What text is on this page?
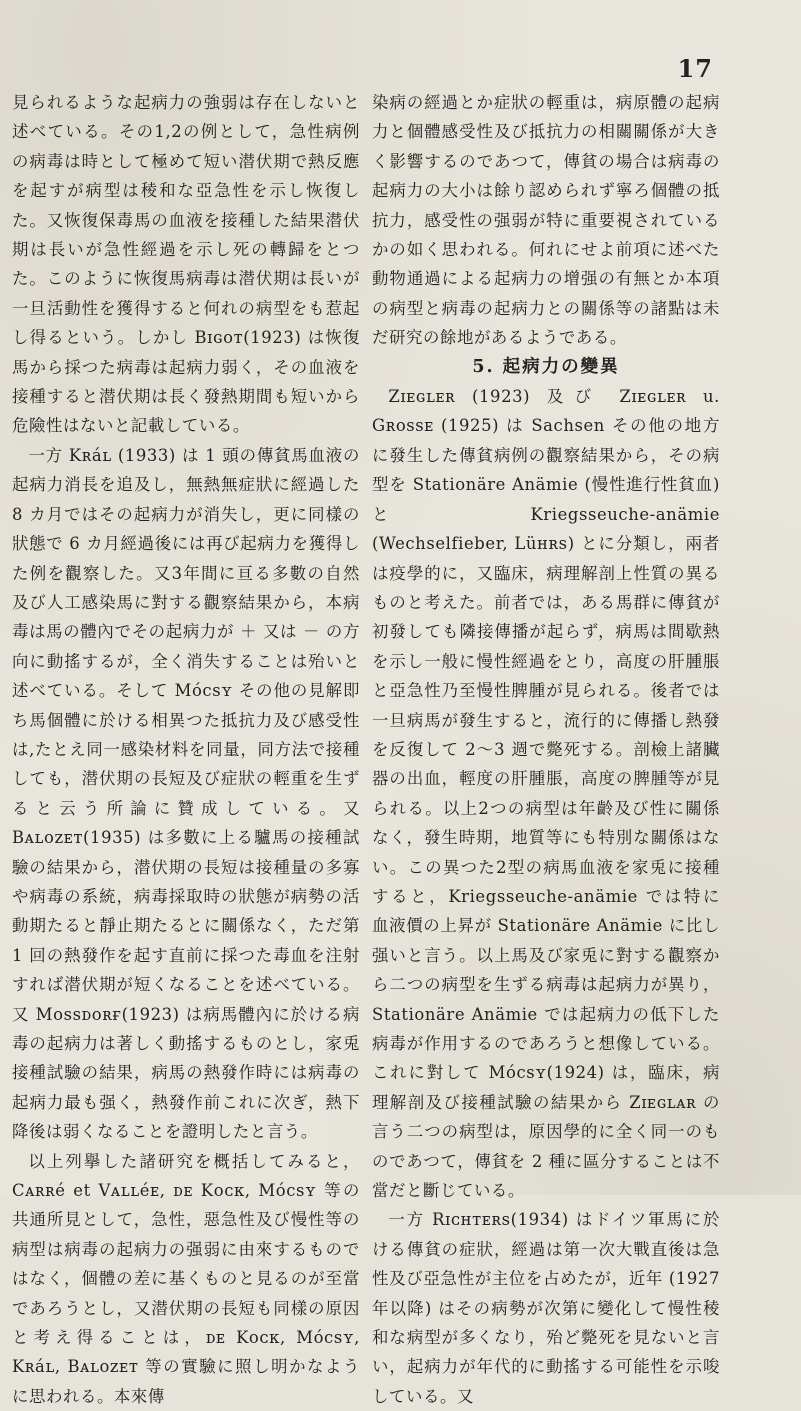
17

見られるような起病力の強弱は存在しないと述べている。その1,2の例として，急性病例の病毒は時として極めて短い潜伏期で熱反應を起すが病型は稜和な亞急性を示し恢復した。又恢復保毒馬の血液を接種した結果潜伏期は長いが急性經過を示し死の轉歸をとつた。このように恢復馬病毒は潜伏期は長いが一旦活動性を獲得すると何れの病型をも惹起し得るという。しかし Bɪɢᴏᴛ(1923) は恢復馬から採つた病毒は起病力弱く，その血液を接種すると潜伏期は長く發熱期間も短いから危險性はないと記載している。

一方 Kʀáʟ (1933) は 1 頭の傳貧馬血液の起病力消長を追及し，無熱無症狀に經過した 8 カ月ではその起病力が消失し，更に同樣の狀態で 6 カ月經過後には再び起病力を獲得した例を觀察した。又3年間に亘る多數の自然及び人工感染馬に對する觀察結果から，本病毒は馬の體內でその起病力が ＋ 又は － の方向に動搖するが，全く消失することは殆いと述べている。そして Mócsʏ その他の見解即ち馬個體に於ける相異つた抵抗力及び感受性は,たとえ同一感染材料を同量，同方法で接種しても，潜伏期の長短及び症狀の輕重を生ずると云う所論に贊成している。又 Bᴀʟᴏᴢᴇᴛ(1935) は多數に上る驢馬の接種試驗の結果から，潜伏期の長短は接種量の多寡や病毒の系統，病毒採取時の狀態が病勢の活動期たると靜止期たるとに關係なく，ただ第 1 回の熱發作を起す直前に採つた毒血を注射すれば潜伏期が短くなることを述べている。又 Mᴏssᴅᴏʀғ(1923) は病馬體內に於ける病毒の起病力は著しく動搖するものとし，家兎接種試驗の結果，病馬の熱發作時には病毒の起病力最も强く，熱發作前これに次ぎ，熱下降後は弱くなることを證明したと言う。

以上列擧した諸研究を概括してみると，Cᴀʀʀé et Vᴀʟʟéᴇ, ᴅᴇ Kᴏᴄᴋ, Mócsʏ 等の共通所見として，急性，惡急性及び慢性等の病型は病毒の起病力の强弱に由來するものではなく，個體の差に基くものと見るのが至當であろうとし，又潜伏期の長短も同樣の原因と考え得ることは，ᴅᴇ Kᴏᴄᴋ, Mócsʏ, Kʀáʟ, Bᴀʟᴏᴢᴇᴛ 等の實驗に照し明かなように思われる。本來傳

染病の經過とか症狀の輕重は，病原體の起病力と個體感受性及び抵抗力の相關關係が大きく影響するのであつて，傳貧の場合は病毒の起病力の大小は餘り認められず寧ろ個體の抵抗力，感受性の强弱が特に重要視されているかの如く思われる。何れにせよ前項に述べた動物通過による起病力の增强の有無とか本項の病型と病毒の起病力との關係等の諸點は未だ研究の餘地があるようである。

5. 起病力の變異

Zɪᴇɢʟᴇʀ (1923) 及び Zɪᴇɢʟᴇʀ u. Gʀᴏssᴇ (1925) は Sachsen その他の地方に發生した傳貧病例の觀察結果から，その病型を Stationäre Anämie (慢性進行性貧血) と Kriegsseuche-anämie (Wechselfieber, Lüʜʀs) とに分類し，兩者は疫學的に，又臨床，病理解剖上性質の異るものと考えた。前者では，ある馬群に傳貧が初發しても隣接傳播が起らず，病馬は間歇熱を示し一般に慢性經過をとり，高度の肝腫脹と亞急性乃至慢性脾腫が見られる。後者では一旦病馬が發生すると，流行的に傳播し熱發を反復して 2〜3 週で斃死する。剖檢上諸臟器の出血，輕度の肝腫脹，高度の脾腫等が見られる。以上2つの病型は年齡及び性に關係なく，發生時期，地質等にも特別な關係はない。この異つた2型の病馬血液を家兎に接種すると，Kriegsseuche-anämie では特に血液價の上昇が Stationäre Anämie に比し强いと言う。以上馬及び家兎に對する觀察から二つの病型を生ずる病毒は起病力が異り，Stationäre Anämie では起病力の低下した病毒が作用するのであろうと想像している。これに對して Mócsʏ(1924) は，臨床，病理解剖及び接種試驗の結果から Zɪᴇɢʟᴀʀ の言う二つの病型は，原因學的に全く同一のものであつて，傳貧を 2 種に區分することは不當だと斷じている。

一方 Rɪᴄʜᴛᴇʀs(1934) はドイツ軍馬に於ける傳貧の症狀，經過は第一次大戰直後は急性及び亞急性が主位を占めたが，近年 (1927 年以降) はその病勢が次第に變化して慢性稜和な病型が多くなり，殆ど斃死を見ないと言い，起病力が年代的に動搖する可能性を示唆している。又
